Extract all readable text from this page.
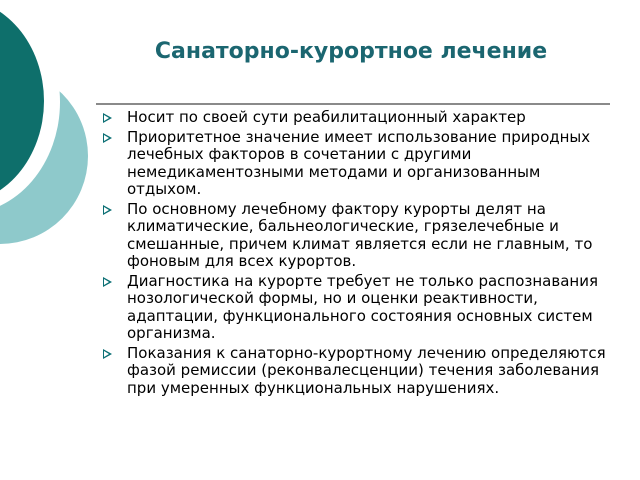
Санаторно-курортное лечение
Носит по своей сути реабилитационный характер
Приоритетное значение имеет использование природных лечебных факторов в сочетании с другими немедикаментозными методами и организованным отдыхом.
По основному лечебному фактору курорты делят на климатические, бальнеологические, грязелечебные и смешанные, причем климат является если не главным, то фоновым для всех курортов.
Диагностика на курорте требует не только распознавания нозологической формы, но и оценки реактивности, адаптации, функционального состояния основных систем организма.
Показания к санаторно-курортному лечению определяются фазой ремиссии (реконвалесценции) течения заболевания при умеренных функциональных нарушениях.
